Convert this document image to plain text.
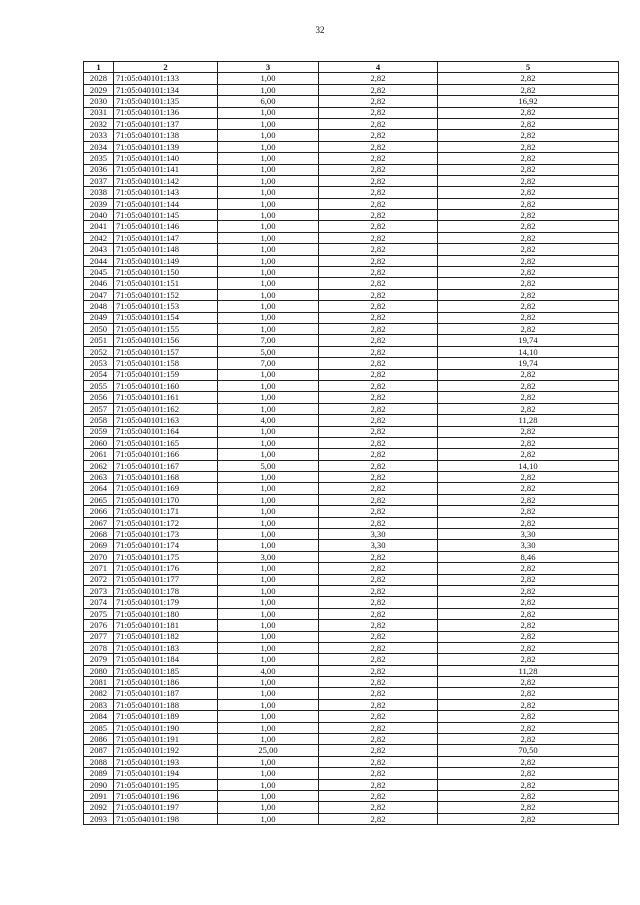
32
1	2	3	4	5
2028	71:05:040101:133	1,00	2,82	2,82
2029	71:05:040101:134	1,00	2,82	2,82
2030	71:05:040101:135	6,00	2,82	16,92
2031	71:05:040101:136	1,00	2,82	2,82
2032	71:05:040101:137	1,00	2,82	2,82
2033	71:05:040101:138	1,00	2,82	2,82
2034	71:05:040101:139	1,00	2,82	2,82
2035	71:05:040101:140	1,00	2,82	2,82
2036	71:05:040101:141	1,00	2,82	2,82
2037	71:05:040101:142	1,00	2,82	2,82
2038	71:05:040101:143	1,00	2,82	2,82
2039	71:05:040101:144	1,00	2,82	2,82
2040	71:05:040101:145	1,00	2,82	2,82
2041	71:05:040101:146	1,00	2,82	2,82
2042	71:05:040101:147	1,00	2,82	2,82
2043	71:05:040101:148	1,00	2,82	2,82
2044	71:05:040101:149	1,00	2,82	2,82
2045	71:05:040101:150	1,00	2,82	2,82
2046	71:05:040101:151	1,00	2,82	2,82
2047	71:05:040101:152	1,00	2,82	2,82
2048	71:05:040101:153	1,00	2,82	2,82
2049	71:05:040101:154	1,00	2,82	2,82
2050	71:05:040101:155	1,00	2,82	2,82
2051	71:05:040101:156	7,00	2,82	19,74
2052	71:05:040101:157	5,00	2,82	14,10
2053	71:05:040101:158	7,00	2,82	19,74
2054	71:05:040101:159	1,00	2,82	2,82
2055	71:05:040101:160	1,00	2,82	2,82
2056	71:05:040101:161	1,00	2,82	2,82
2057	71:05:040101:162	1,00	2,82	2,82
2058	71:05:040101:163	4,00	2,82	11,28
2059	71:05:040101:164	1,00	2,82	2,82
2060	71:05:040101:165	1,00	2,82	2,82
2061	71:05:040101:166	1,00	2,82	2,82
2062	71:05:040101:167	5,00	2,82	14,10
2063	71:05:040101:168	1,00	2,82	2,82
2064	71:05:040101:169	1,00	2,82	2,82
2065	71:05:040101:170	1,00	2,82	2,82
2066	71:05:040101:171	1,00	2,82	2,82
2067	71:05:040101:172	1,00	2,82	2,82
2068	71:05:040101:173	1,00	3,30	3,30
2069	71:05:040101:174	1,00	3,30	3,30
2070	71:05:040101:175	3,00	2,82	8,46
2071	71:05:040101:176	1,00	2,82	2,82
2072	71:05:040101:177	1,00	2,82	2,82
2073	71:05:040101:178	1,00	2,82	2,82
2074	71:05:040101:179	1,00	2,82	2,82
2075	71:05:040101:180	1,00	2,82	2,82
2076	71:05:040101:181	1,00	2,82	2,82
2077	71:05:040101:182	1,00	2,82	2,82
2078	71:05:040101:183	1,00	2,82	2,82
2079	71:05:040101:184	1,00	2,82	2,82
2080	71:05:040101:185	4,00	2,82	11,28
2081	71:05:040101:186	1,00	2,82	2,82
2082	71:05:040101:187	1,00	2,82	2,82
2083	71:05:040101:188	1,00	2,82	2,82
2084	71:05:040101:189	1,00	2,82	2,82
2085	71:05:040101:190	1,00	2,82	2,82
2086	71:05:040101:191	1,00	2,82	2,82
2087	71:05:040101:192	25,00	2,82	70,50
2088	71:05:040101:193	1,00	2,82	2,82
2089	71:05:040101:194	1,00	2,82	2,82
2090	71:05:040101:195	1,00	2,82	2,82
2091	71:05:040101:196	1,00	2,82	2,82
2092	71:05:040101:197	1,00	2,82	2,82
2093	71:05:040101:198	1,00	2,82	2,82
